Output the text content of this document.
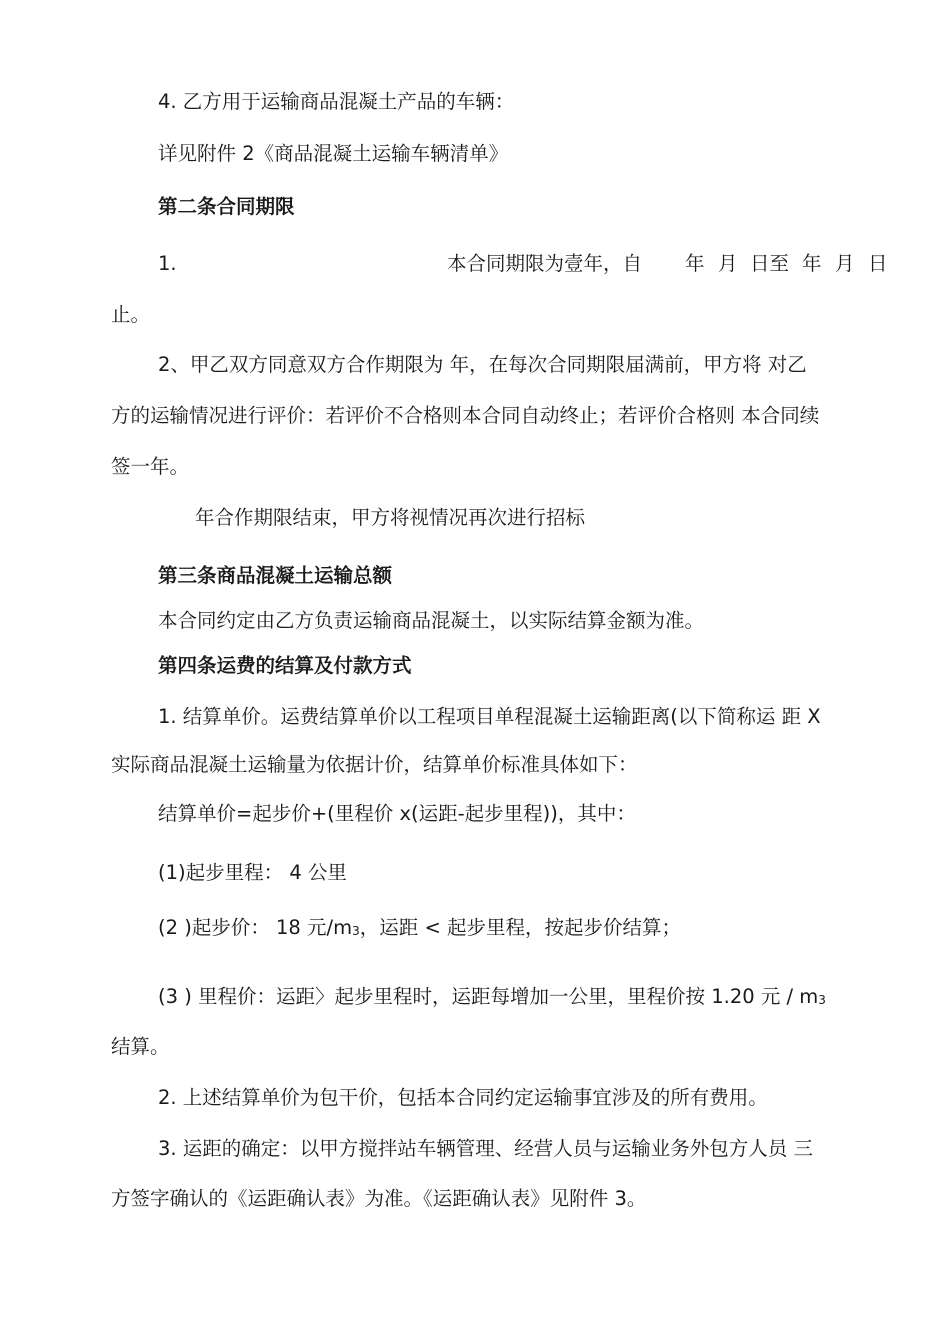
4. 乙方用于运输商品混凝土产品的车辆：
详见附件 2《商品混凝土运输车辆清单》
第二条合同期限
1.	本合同期限为壹年，自 年 月 日至 年 月 日
止。
2、甲乙双方同意双方合作期限为 年，在每次合同期限届满前，甲方将 对乙
方的运输情况进行评价：若评价不合格则本合同自动终止；若评价合格则 本合同续
签一年。
年合作期限结束，甲方将视情况再次进行招标
第三条商品混凝土运输总额
本合同约定由乙方负责运输商品混凝土，以实际结算金额为准。
第四条运费的结算及付款方式
1. 结算单价。运费结算单价以工程项目单程混凝土运输距离(以下简称运 距 X
实际商品混凝土运输量为依据计价，结算单价标准具体如下：
结算单价=起步价+(里程价 x(运距-起步里程))，其中：
(1)起步里程： 4 公里
(2 )起步价： 18 元$/m_3$，运距 < 起步里程，按起步价结算；
(3 ) 里程价：运距〉起步里程时，运距每增加一公里，里程价按 1.20 元 / $m_3$
结算。
2. 上述结算单价为包干价，包括本合同约定运输事宜涉及的所有费用。
3. 运距的确定：以甲方搅拌站车辆管理、经营人员与运输业务外包方人员 三
方签字确认的《运距确认表》为准。《运距确认表》见附件 3。
